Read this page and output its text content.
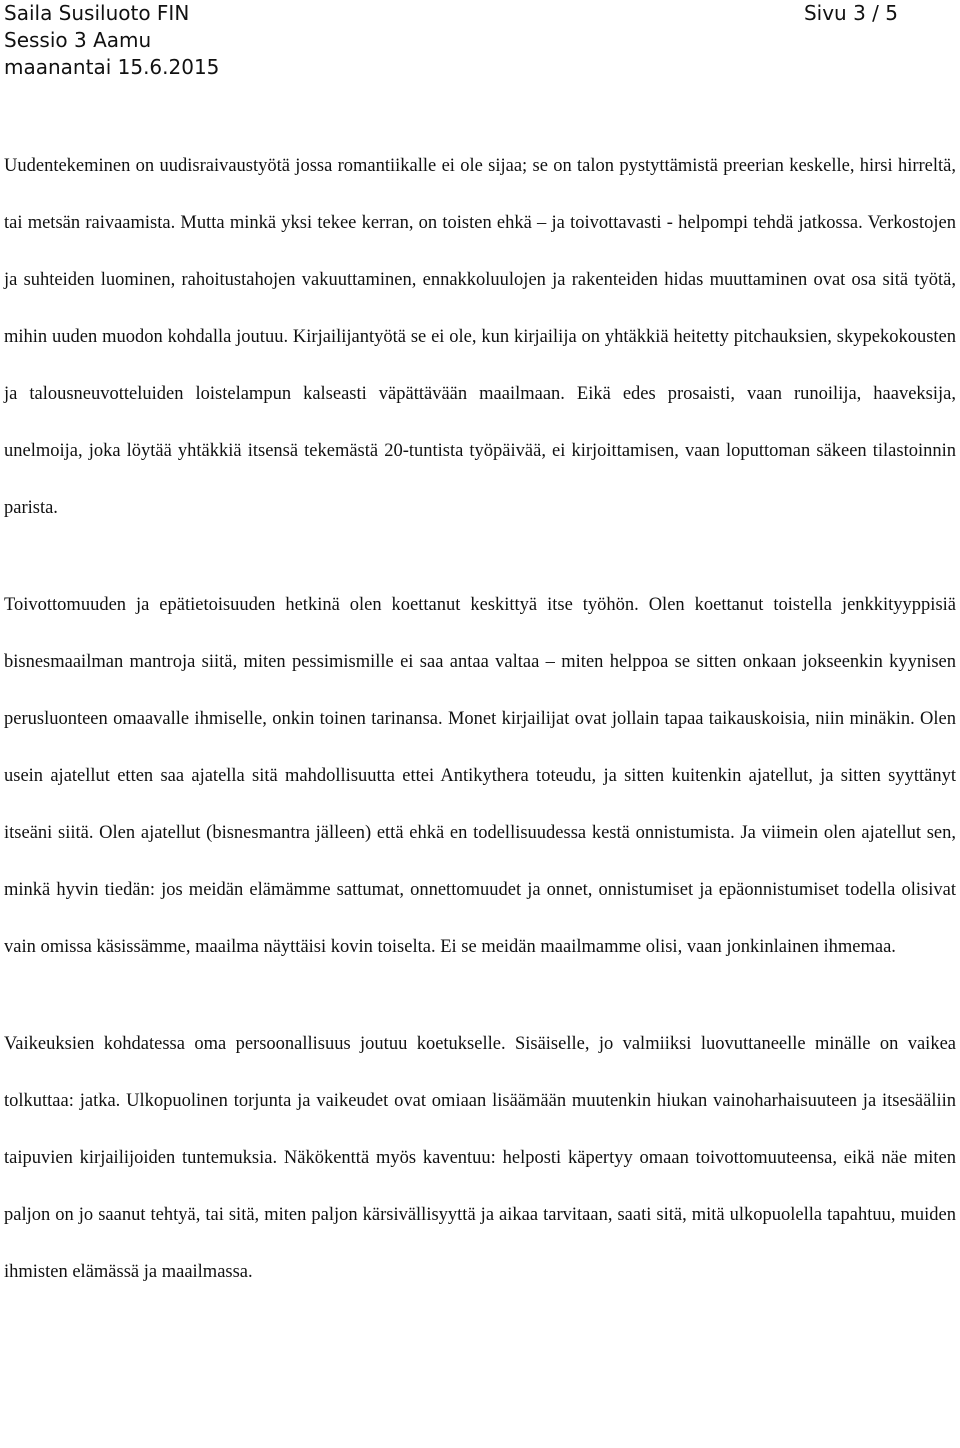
Saila Susiluoto FIN
Sessio 3 Aamu
maanantai 15.6.2015
Sivu 3 / 5

Uudentekeminen on uudisraivaustyötä jossa romantiikalle ei ole sijaa; se on talon pystyttämistä preerian keskelle, hirsi hirreltä, tai metsän raivaamista. Mutta minkä yksi tekee kerran, on toisten ehkä – ja toivottavasti - helpompi tehdä jatkossa. Verkostojen ja suhteiden luominen, rahoitustahojen vakuuttaminen, ennakkoluulojen ja rakenteiden hidas muuttaminen ovat osa sitä työtä, mihin uuden muodon kohdalla joutuu. Kirjailijantyötä se ei ole, kun kirjailija on yhtäkkiä heitetty pitchauksien, skypekokousten ja talousneuvotteluiden loistelampun kalseasti väpättävään maailmaan. Eikä edes prosaisti, vaan runoilija, haaveksija, unelmoija, joka löytää yhtäkkiä itsensä tekemästä 20-tuntista työpäivää, ei kirjoittamisen, vaan loputtoman säkeen tilastoinnin parista.

Toivottomuuden ja epätietoisuuden hetkinä olen koettanut keskittyä itse työhön. Olen koettanut toistella jenkkityyppisiä bisnesmaailman mantroja siitä, miten pessimismille ei saa antaa valtaa – miten helppoa se sitten onkaan jokseenkin kyynisen perusluonteen omaavalle ihmiselle, onkin toinen tarinansa. Monet kirjailijat ovat jollain tapaa taikauskoisia, niin minäkin. Olen usein ajatellut etten saa ajatella sitä mahdollisuutta ettei Antikythera toteudu, ja sitten kuitenkin ajatellut, ja sitten syyttänyt itseäni siitä. Olen ajatellut (bisnesmantra jälleen) että ehkä en todellisuudessa kestä onnistumista. Ja viimein olen ajatellut sen, minkä hyvin tiedän: jos meidän elämämme sattumat, onnettomuudet ja onnet, onnistumiset ja epäonnistumiset todella olisivat vain omissa käsissämme, maailma näyttäisi kovin toiselta. Ei se meidän maailmamme olisi, vaan jonkinlainen ihmemaa.

Vaikeuksien kohdatessa oma persoonallisuus joutuu koetukselle. Sisäiselle, jo valmiiksi luovuttaneelle minälle on vaikea tolkuttaa: jatka. Ulkopuolinen torjunta ja vaikeudet ovat omiaan lisäämään muutenkin hiukan vainoharhaisuuteen ja itsesääliin taipuvien kirjailijoiden tuntemuksia. Näkökenttä myös kaventuu: helposti käpertyy omaan toivottomuuteensa, eikä näe miten paljon on jo saanut tehtyä, tai sitä, miten paljon kärsivällisyyttä ja aikaa tarvitaan, saati sitä, mitä ulkopuolella tapahtuu, muiden ihmisten elämässä ja maailmassa.
